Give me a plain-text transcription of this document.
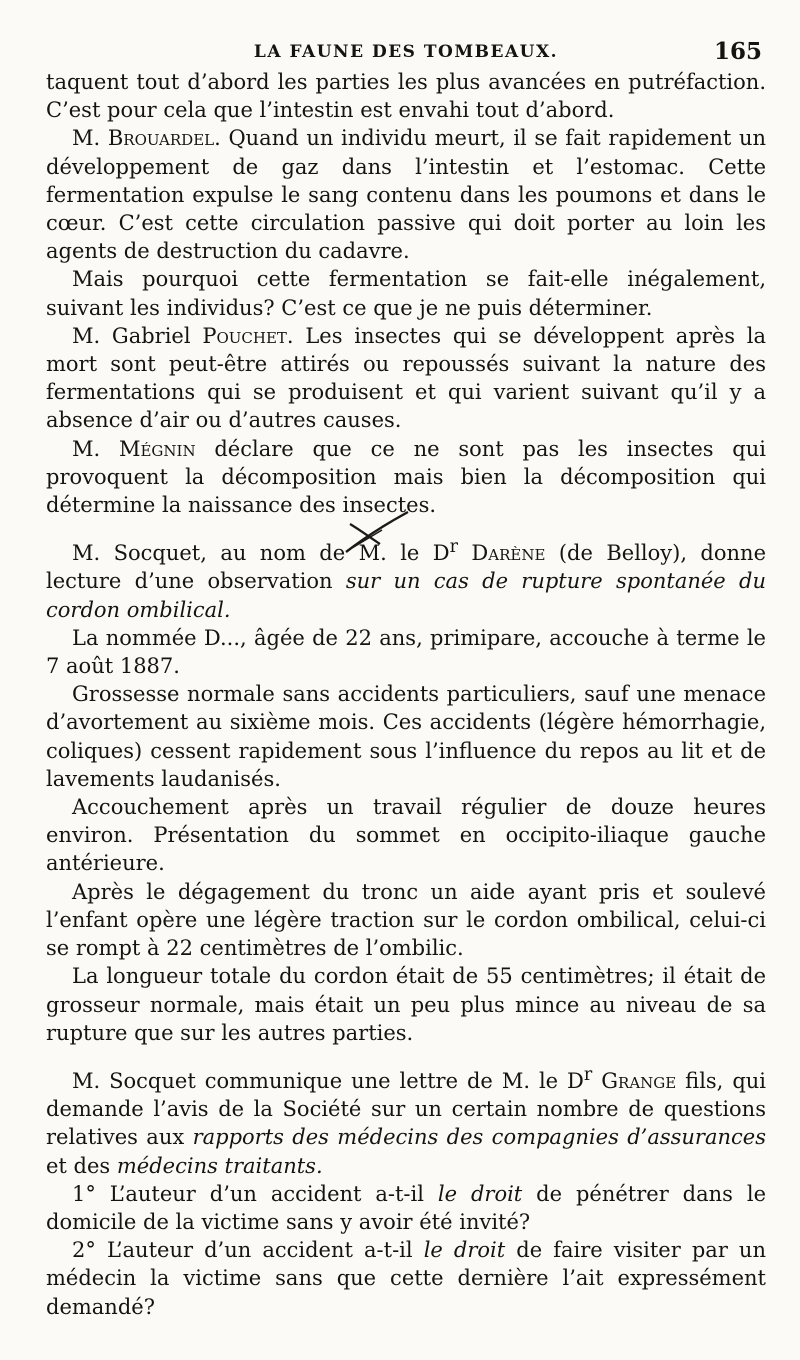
LA FAUNE DES TOMBEAUX.	165

taquent tout d’abord les parties les plus avancées en putréfaction. C’est pour cela que l’intestin est envahi tout d’abord.

M. Brouardel. Quand un individu meurt, il se fait rapidement un développement de gaz dans l’intestin et l’estomac. Cette fermentation expulse le sang contenu dans les poumons et dans le cœur. C’est cette circulation passive qui doit porter au loin les agents de destruction du cadavre.

Mais pourquoi cette fermentation se fait-elle inégalement, suivant les individus? C’est ce que je ne puis déterminer.

M. Gabriel Pouchet. Les insectes qui se développent après la mort sont peut-être attirés ou repoussés suivant la nature des fermentations qui se produisent et qui varient suivant qu’il y a absence d’air ou d’autres causes.

M. Mégnin déclare que ce ne sont pas les insectes qui provoquent la décomposition mais bien la décomposition qui détermine la naissance des insectes.

M. Socquet, au nom de M. le $D^r$ Darène (de Belloy), donne lecture d’une observation sur un cas de rupture spontanée du cordon ombilical.

La nommée D..., âgée de 22 ans, primipare, accouche à terme le 7 août 1887.

Grossesse normale sans accidents particuliers, sauf une menace d’avortement au sixième mois. Ces accidents (légère hémorrhagie, coliques) cessent rapidement sous l’influence du repos au lit et de lavements laudanisés.

Accouchement après un travail régulier de douze heures environ. Présentation du sommet en occipito-iliaque gauche antérieure.

Après le dégagement du tronc un aide ayant pris et soulevé l’enfant opère une légère traction sur le cordon ombilical, celui-ci se rompt à 22 centimètres de l’ombilic.

La longueur totale du cordon était de 55 centimètres; il était de grosseur normale, mais était un peu plus mince au niveau de sa rupture que sur les autres parties.

M. Socquet communique une lettre de M. le $D^r$ Grange fils, qui demande l’avis de la Société sur un certain nombre de questions relatives aux rapports des médecins des compagnies d’assurances et des médecins traitants.

1° L’auteur d’un accident a-t-il le droit de pénétrer dans le domicile de la victime sans y avoir été invité?

2° L’auteur d’un accident a-t-il le droit de faire visiter par un médecin la victime sans que cette dernière l’ait expressément demandé?
